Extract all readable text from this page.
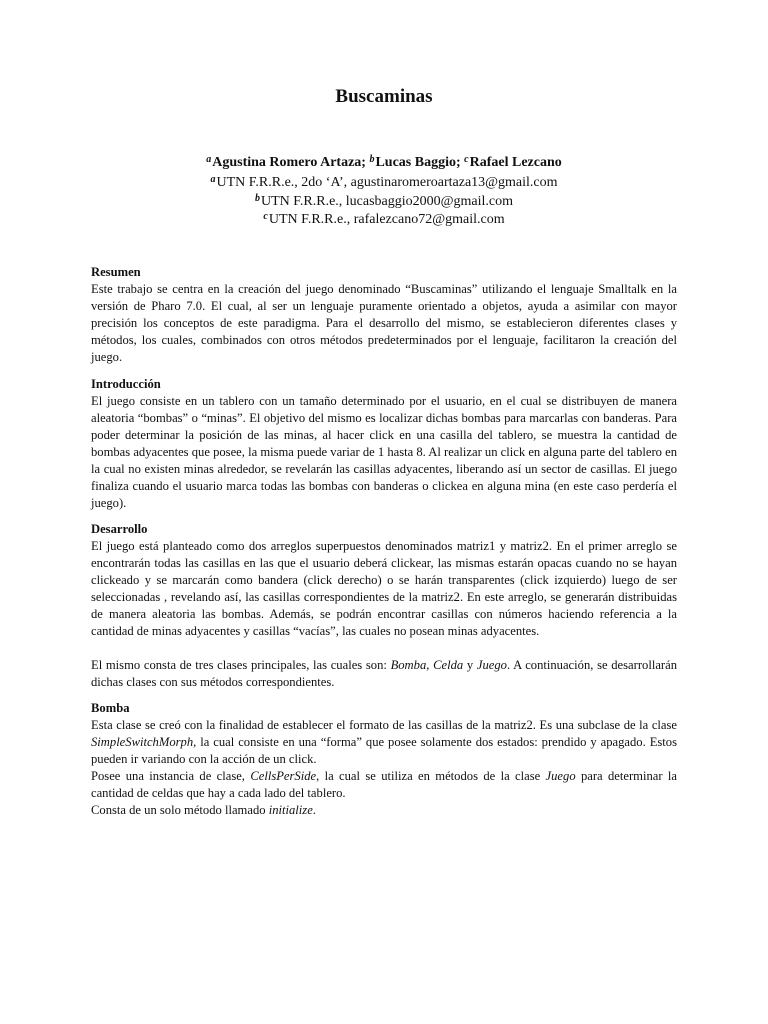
Buscaminas
$^a$Agustina Romero Artaza; $^b$Lucas Baggio; $^c$Rafael Lezcano
$^a$UTN F.R.R.e., 2do ‘A’, agustinaromeroartaza13@gmail.com
$^b$UTN F.R.R.e., lucasbaggio2000@gmail.com
$^c$UTN F.R.R.e., rafalezcano72@gmail.com
Resumen
Este trabajo se centra en la creación del juego denominado “Buscaminas” utilizando el lenguaje Smalltalk en la versión de Pharo 7.0. El cual, al ser un lenguaje puramente orientado a objetos, ayuda a asimilar con mayor precisión los conceptos de este paradigma. Para el desarrollo del mismo, se establecieron diferentes clases y métodos, los cuales, combinados con otros métodos predeterminados por el lenguaje, facilitaron la creación del juego.
Introducción
El juego consiste en un tablero con un tamaño determinado por el usuario, en el cual se distribuyen de manera aleatoria “bombas” o “minas”. El objetivo del mismo es localizar dichas bombas para marcarlas con banderas. Para poder determinar la posición de las minas, al hacer click en una casilla del tablero, se muestra la cantidad de bombas adyacentes que posee, la misma puede variar de 1 hasta 8. Al realizar un click en alguna parte del tablero en la cual no existen minas alrededor, se revelarán las casillas adyacentes, liberando así un sector de casillas. El juego finaliza cuando el usuario marca todas las bombas con banderas o clickea en alguna mina (en este caso perdería el juego).
Desarrollo
El juego está planteado como dos arreglos superpuestos denominados matriz1 y matriz2. En el primer arreglo se encontrarán todas las casillas en las que el usuario deberá clickear, las mismas estarán opacas cuando no se hayan clickeado y se marcarán como bandera (click derecho) o se harán transparentes (click izquierdo) luego de ser seleccionadas , revelando así, las casillas correspondientes de la matriz2. En este arreglo, se generarán distribuidas de manera aleatoria las bombas. Además, se podrán encontrar casillas con números haciendo referencia a la cantidad de minas adyacentes y casillas “vacías”, las cuales no posean minas adyacentes.
El mismo consta de tres clases principales, las cuales son: Bomba, Celda y Juego. A continuación, se desarrollarán dichas clases con sus métodos correspondientes.
Bomba
Esta clase se creó con la finalidad de establecer el formato de las casillas de la matriz2. Es una subclase de la clase SimpleSwitchMorph, la cual consiste en una “forma” que posee solamente dos estados: prendido y apagado. Estos pueden ir variando con la acción de un click.
Posee una instancia de clase, CellsPerSide, la cual se utiliza en métodos de la clase Juego para determinar la cantidad de celdas que hay a cada lado del tablero.
Consta de un solo método llamado initialize.
